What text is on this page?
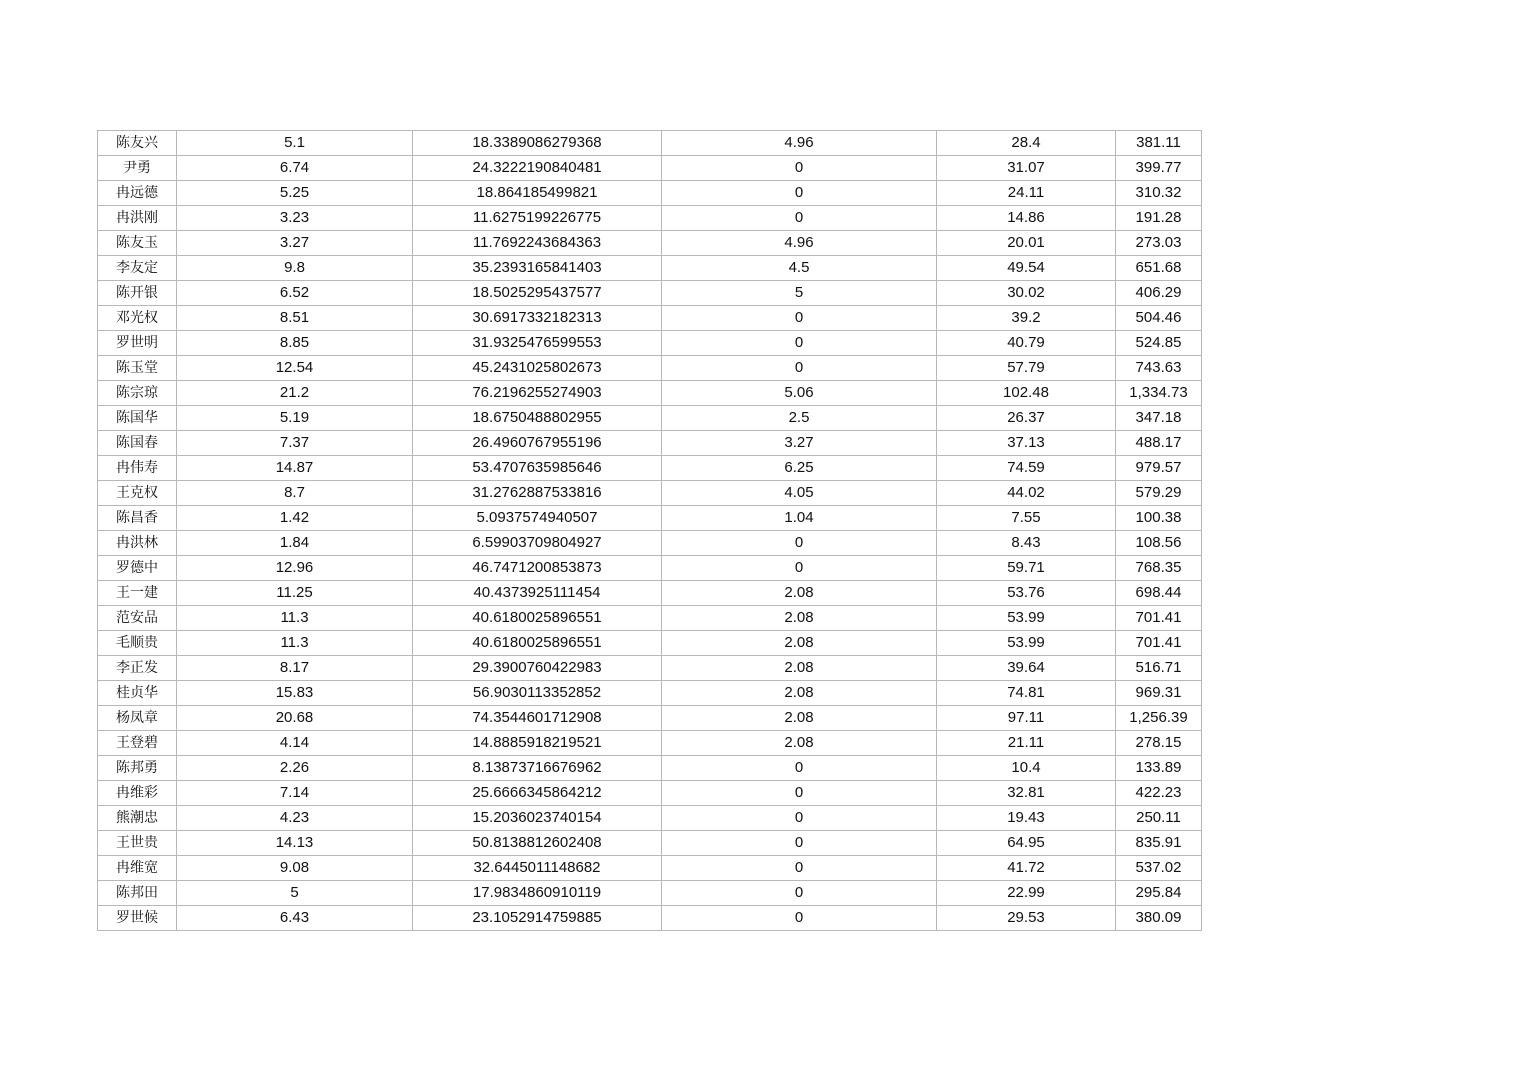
陈友兴	5.1	18.3389086279368	4.96	28.4	381.11
尹勇	6.74	24.3222190840481	0	31.07	399.77
冉远德	5.25	18.864185499821	0	24.11	310.32
冉洪刚	3.23	11.6275199226775	0	14.86	191.28
陈友玉	3.27	11.7692243684363	4.96	20.01	273.03
李友定	9.8	35.2393165841403	4.5	49.54	651.68
陈开银	6.52	18.5025295437577	5	30.02	406.29
邓光权	8.51	30.6917332182313	0	39.2	504.46
罗世明	8.85	31.9325476599553	0	40.79	524.85
陈玉堂	12.54	45.2431025802673	0	57.79	743.63
陈宗琼	21.2	76.2196255274903	5.06	102.48	1,334.73
陈国华	5.19	18.6750488802955	2.5	26.37	347.18
陈国春	7.37	26.4960767955196	3.27	37.13	488.17
冉伟寿	14.87	53.4707635985646	6.25	74.59	979.57
王克权	8.7	31.2762887533816	4.05	44.02	579.29
陈昌香	1.42	5.0937574940507	1.04	7.55	100.38
冉洪林	1.84	6.59903709804927	0	8.43	108.56
罗德中	12.96	46.7471200853873	0	59.71	768.35
王一建	11.25	40.4373925111454	2.08	53.76	698.44
范安品	11.3	40.6180025896551	2.08	53.99	701.41
毛顺贵	11.3	40.6180025896551	2.08	53.99	701.41
李正发	8.17	29.3900760422983	2.08	39.64	516.71
桂贞华	15.83	56.9030113352852	2.08	74.81	969.31
杨凤章	20.68	74.3544601712908	2.08	97.11	1,256.39
王登碧	4.14	14.8885918219521	2.08	21.11	278.15
陈邦勇	2.26	8.13873716676962	0	10.4	133.89
冉维彩	7.14	25.6666345864212	0	32.81	422.23
熊潮忠	4.23	15.2036023740154	0	19.43	250.11
王世贵	14.13	50.8138812602408	0	64.95	835.91
冉维宽	9.08	32.6445011148682	0	41.72	537.02
陈邦田	5	17.9834860910119	0	22.99	295.84
罗世候	6.43	23.1052914759885	0	29.53	380.09
